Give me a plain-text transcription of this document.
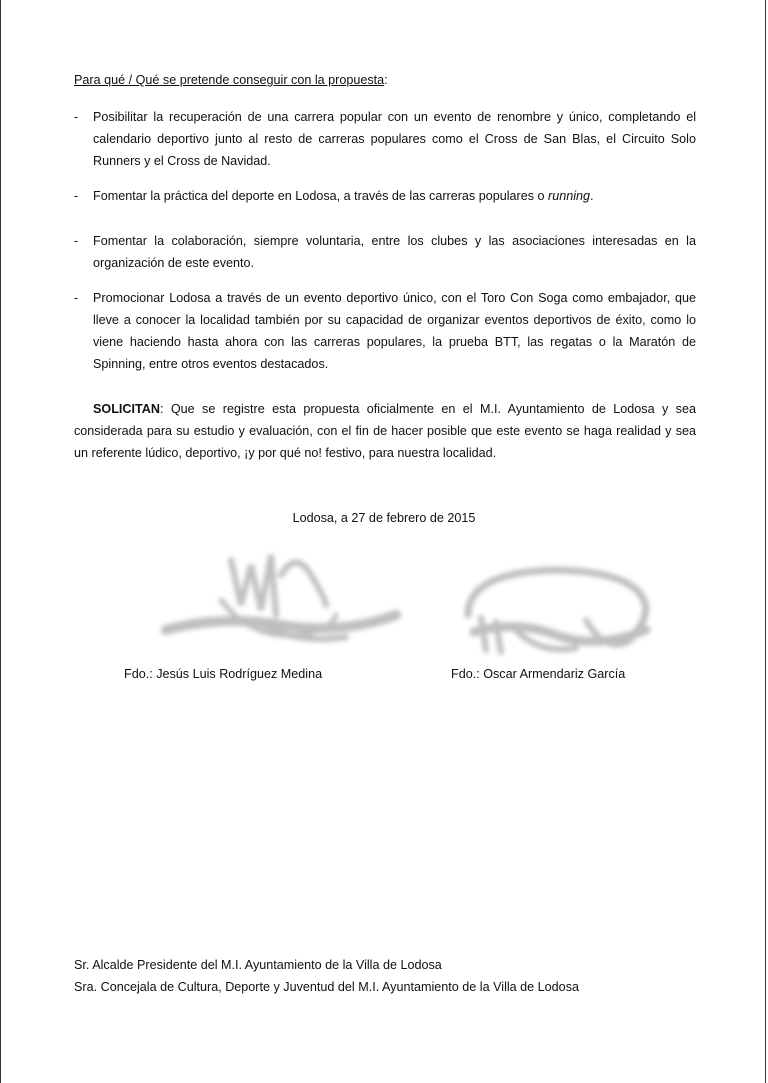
Para qué / Qué se pretende conseguir con la propuesta:
- Posibilitar la recuperación de una carrera popular con un evento de renombre y único, completando el calendario deportivo junto al resto de carreras populares como el Cross de San Blas, el Circuito Solo Runners y el Cross de Navidad.
- Fomentar la práctica del deporte en Lodosa, a través de las carreras populares o running.
- Fomentar la colaboración, siempre voluntaria, entre los clubes y las asociaciones interesadas en la organización de este evento.
- Promocionar Lodosa a través de un evento deportivo único, con el Toro Con Soga como embajador, que lleve a conocer la localidad también por su capacidad de organizar eventos deportivos de éxito, como lo viene haciendo hasta ahora con las carreras populares, la prueba BTT, las regatas o la Maratón de Spinning, entre otros eventos destacados.
SOLICITAN: Que se registre esta propuesta oficialmente en el M.I. Ayuntamiento de Lodosa y sea considerada para su estudio y evaluación, con el fin de hacer posible que este evento se haga realidad y sea un referente lúdico, deportivo, ¡y por qué no! festivo, para nuestra localidad.
Lodosa, a 27 de febrero de 2015
Fdo.: Jesús Luis Rodríguez Medina	Fdo.: Oscar Armendariz García
Sr. Alcalde Presidente del M.I. Ayuntamiento de la Villa de Lodosa
Sra. Concejala de Cultura, Deporte y Juventud del M.I. Ayuntamiento de la Villa de Lodosa
